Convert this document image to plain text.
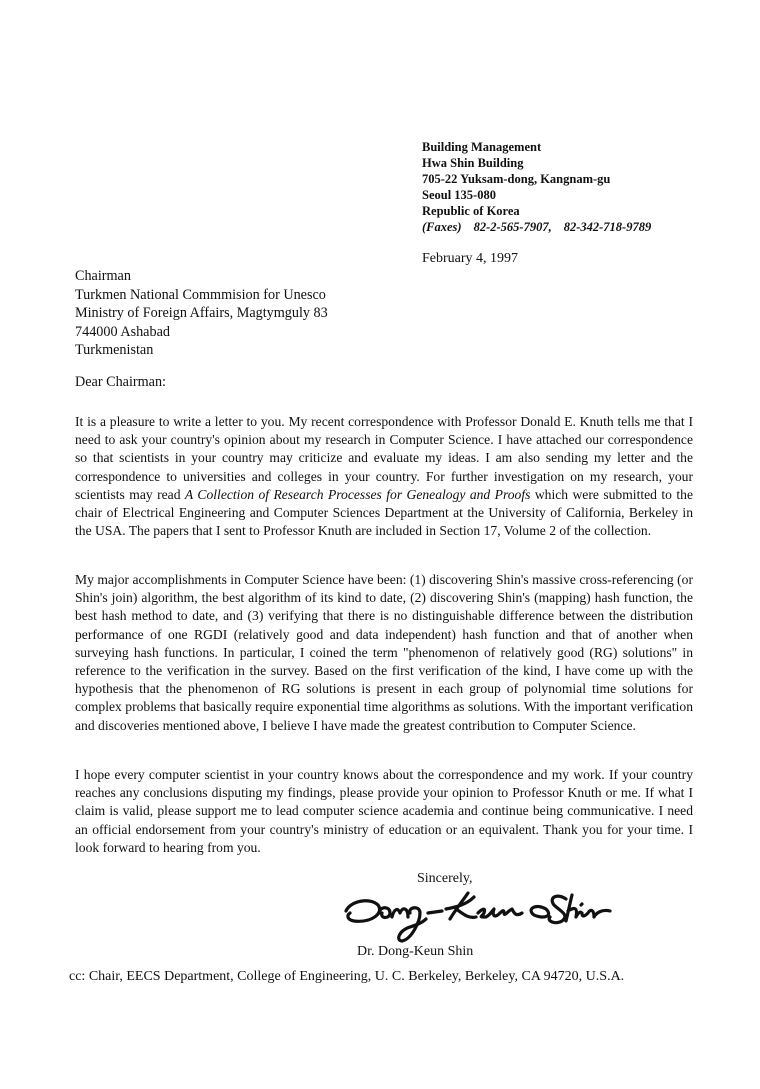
Building Management
Hwa Shin Building
705-22 Yuksam-dong, Kangnam-gu
Seoul 135-080
Republic of Korea
(Faxes) 82-2-565-7907, 82-342-718-9789
February 4, 1997
Chairman
Turkmen National Commmision for Unesco
Ministry of Foreign Affairs, Magtymguly 83
744000 Ashabad
Turkmenistan
Dear Chairman:
It is a pleasure to write a letter to you. My recent correspondence with Professor Donald E. Knuth tells me that I need to ask your country's opinion about my research in Computer Science. I have attached our correspondence so that scientists in your country may criticize and evaluate my ideas. I am also sending my letter and the correspondence to universities and colleges in your country. For further investigation on my research, your scientists may read A Collection of Research Processes for Genealogy and Proofs which were submitted to the chair of Electrical Engineering and Computer Sciences Department at the University of California, Berkeley in the USA. The papers that I sent to Professor Knuth are included in Section 17, Volume 2 of the collection.
My major accomplishments in Computer Science have been: (1) discovering Shin's massive cross-referencing (or Shin's join) algorithm, the best algorithm of its kind to date, (2) discovering Shin's (mapping) hash function, the best hash method to date, and (3) verifying that there is no distinguishable difference between the distribution performance of one RGDI (relatively good and data independent) hash function and that of another when surveying hash functions. In particular, I coined the term "phenomenon of relatively good (RG) solutions" in reference to the verification in the survey. Based on the first verification of the kind, I have come up with the hypothesis that the phenomenon of RG solutions is present in each group of polynomial time solutions for complex problems that basically require exponential time algorithms as solutions. With the important verification and discoveries mentioned above, I believe I have made the greatest contribution to Computer Science.
I hope every computer scientist in your country knows about the correspondence and my work. If your country reaches any conclusions disputing my findings, please provide your opinion to Professor Knuth or me. If what I claim is valid, please support me to lead computer science academia and continue being communicative. I need an official endorsement from your country's ministry of education or an equivalent. Thank you for your time. I look forward to hearing from you.
Sincerely,
Dr. Dong-Keun Shin
cc: Chair, EECS Department, College of Engineering, U. C. Berkeley, Berkeley, CA 94720, U.S.A.
